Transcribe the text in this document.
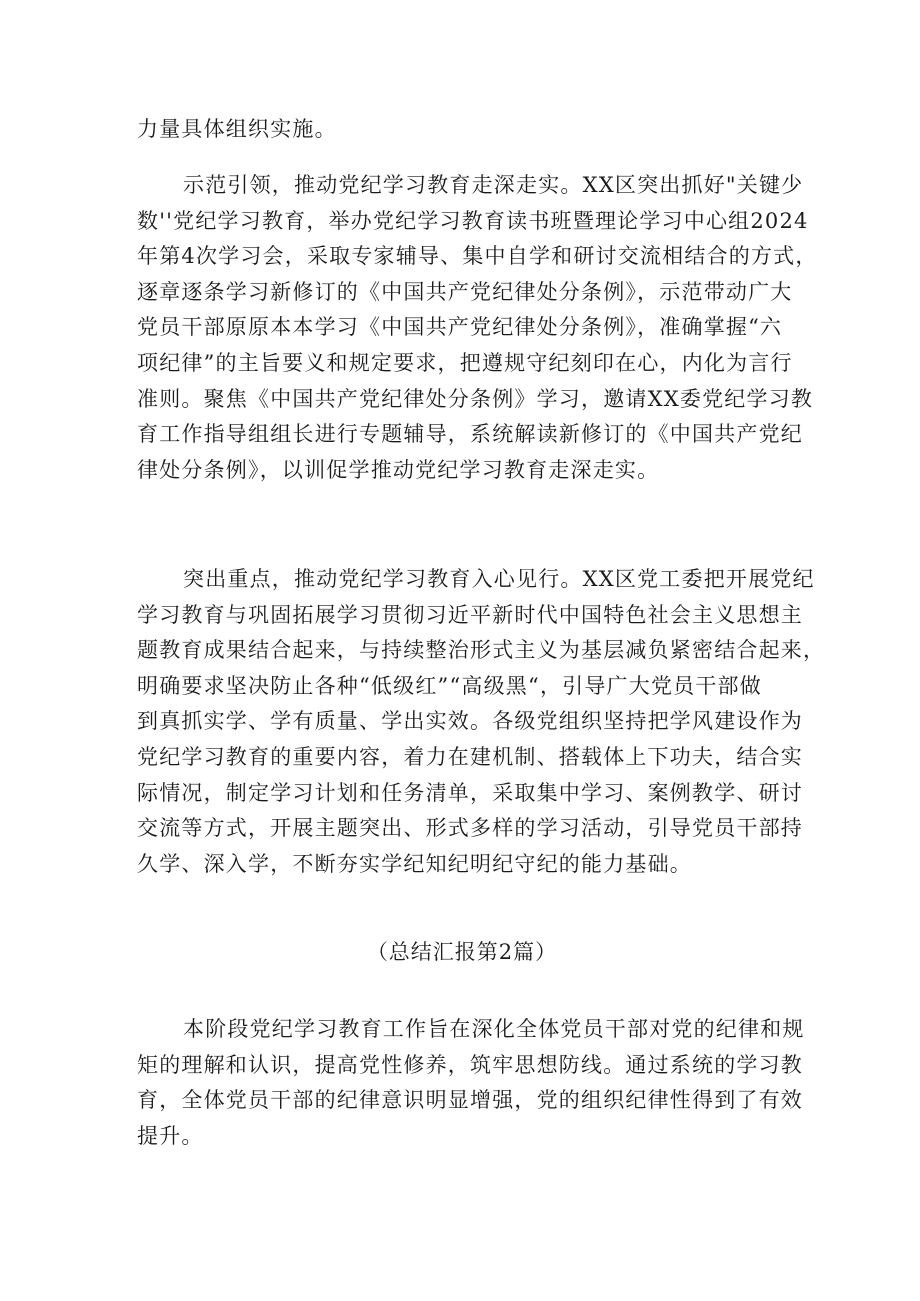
力量具体组织实施。
示范引领，推动党纪学习教育走深走实。XX区突出抓好"关键少
数''党纪学习教育，举办党纪学习教育读书班暨理论学习中心组2024
年第4次学习会，采取专家辅导、集中自学和研讨交流相结合的方式，
逐章逐条学习新修订的《中国共产党纪律处分条例》，示范带动广大
党员干部原原本本学习《中国共产党纪律处分条例》，准确掌握“六
项纪律”的主旨要义和规定要求，把遵规守纪刻印在心，内化为言行
准则。聚焦《中国共产党纪律处分条例》学习，邀请XX委党纪学习教
育工作指导组组长进行专题辅导，系统解读新修订的《中国共产党纪
律处分条例》，以训促学推动党纪学习教育走深走实。
突出重点，推动党纪学习教育入心见行。XX区党工委把开展党纪
学习教育与巩固拓展学习贯彻习近平新时代中国特色社会主义思想主
题教育成果结合起来，与持续整治形式主义为基层减负紧密结合起来，
明确要求坚决防止各种“低级红”“高级黑“，引导广大党员干部做
到真抓实学、学有质量、学出实效。各级党组织坚持把学风建设作为
党纪学习教育的重要内容，着力在建机制、搭载体上下功夫，结合实
际情况，制定学习计划和任务清单，采取集中学习、案例教学、研讨
交流等方式，开展主题突出、形式多样的学习活动，引导党员干部持
久学、深入学，不断夯实学纪知纪明纪守纪的能力基础。
（总结汇报第2篇）
本阶段党纪学习教育工作旨在深化全体党员干部对党的纪律和规
矩的理解和认识，提高党性修养，筑牢思想防线。通过系统的学习教
育，全体党员干部的纪律意识明显增强，党的组织纪律性得到了有效
提升。
